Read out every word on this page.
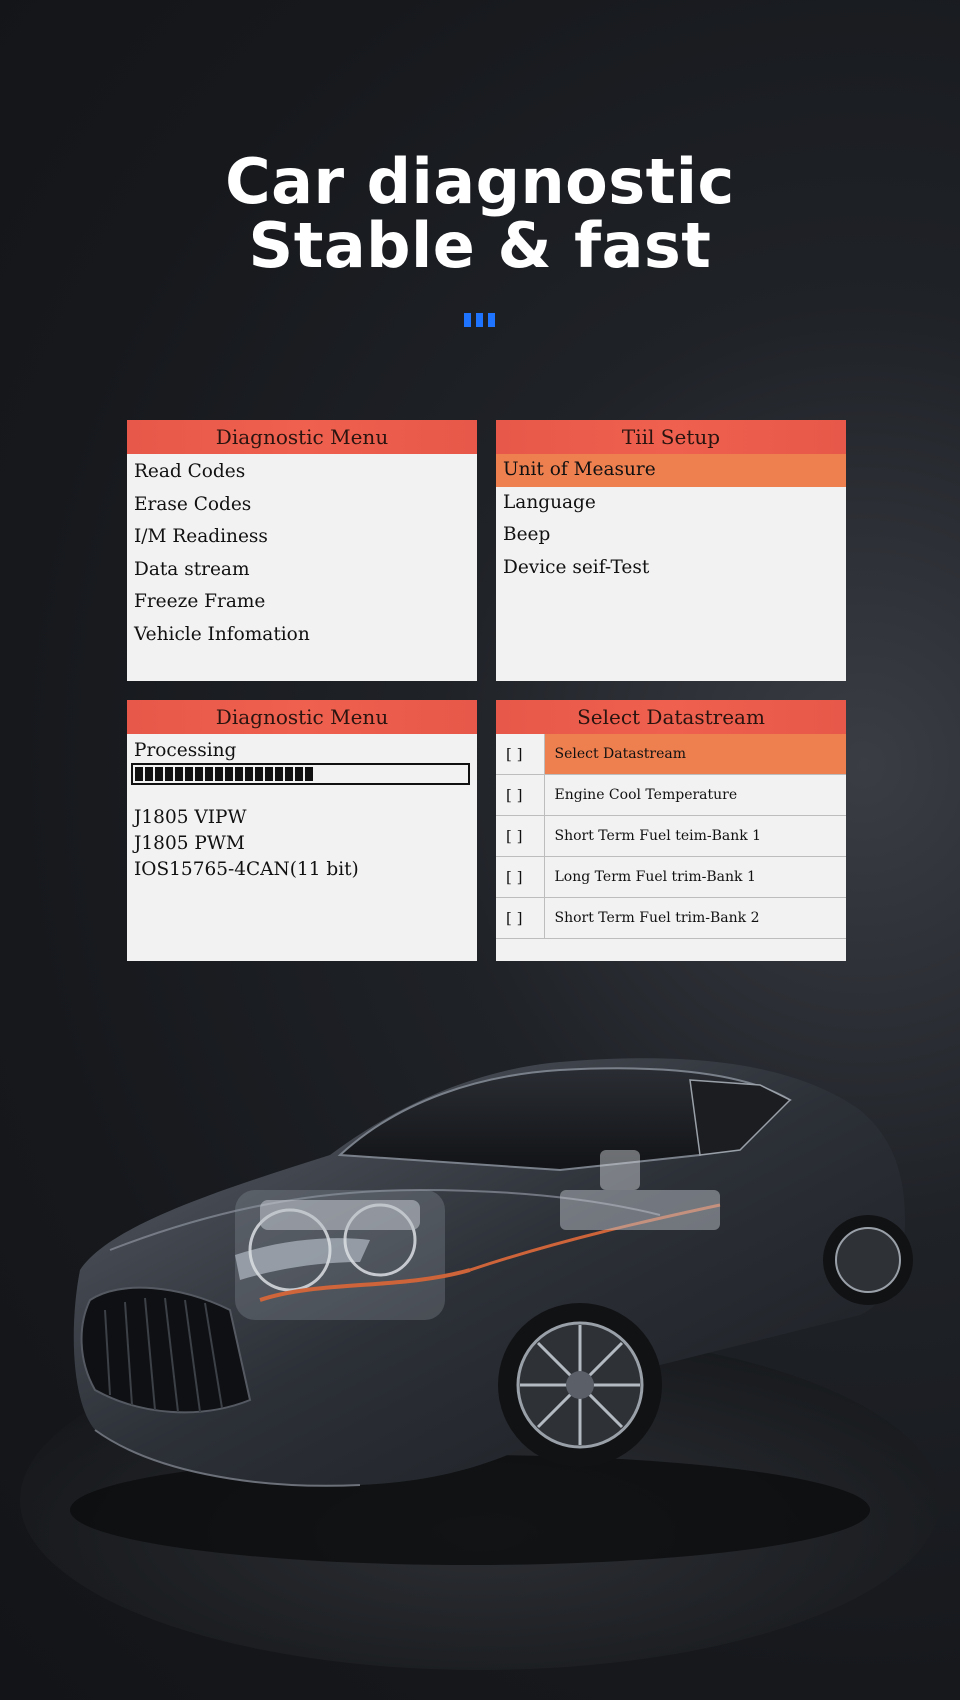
Car diagnostic
Stable & fast
Diagnostic Menu
Read Codes
Erase Codes
I/M Readiness
Data stream
Freeze Frame
Vehicle Infomation
Tiil Setup
Unit of Measure
Language
Beep
Device seif-Test
Diagnostic Menu
Processing
J1805 VIPW
J1805 PWM
IOS15765-4CAN(11 bit)
Select Datastream
[ ]	Select Datastream
[ ]	Engine Cool Temperature
[ ]	Short Term Fuel teim-Bank 1
[ ]	Long Term Fuel trim-Bank 1
[ ]	Short Term Fuel trim-Bank 2
